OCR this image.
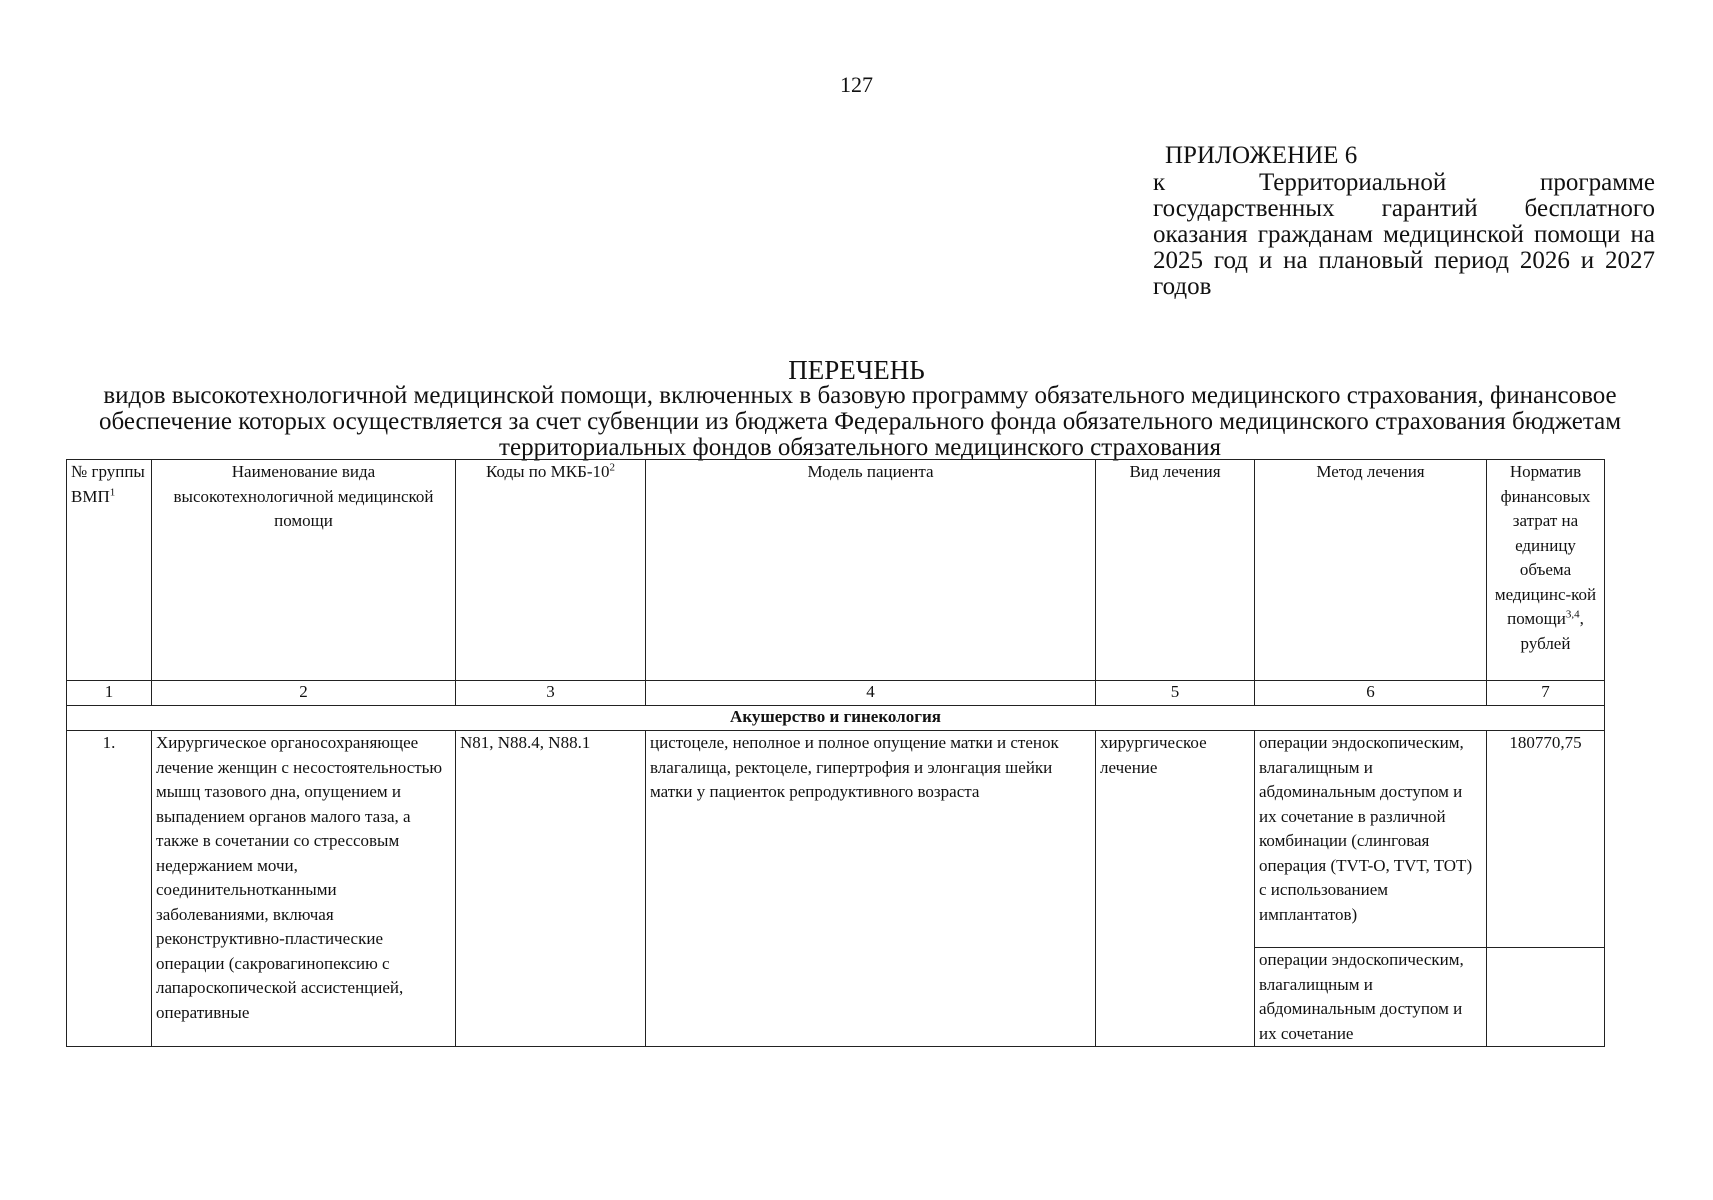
127
ПРИЛОЖЕНИЕ 6
к Территориальной программе государственных гарантий бесплатного оказания гражданам медицинской помощи на 2025 год и на плановый период 2026 и 2027 годов
ПЕРЕЧЕНЬ
видов высокотехнологичной медицинской помощи, включенных в базовую программу обязательного медицинского страхования, финансовое обеспечение которых осуществляется за счет субвенции из бюджета Федерального фонда обязательного медицинского страхования бюджетам территориальных фондов обязательного медицинского страхования
№ группы ВМП$^1$	Наименование вида высокотехнологичной медицинской помощи	Коды по МКБ-$10^2$	Модель пациента	Вид лечения	Метод лечения	Норматив финансовых затрат на единицу объема медицинс-кой помощи$^{3,4}$, рублей
1	2	3	4	5	6	7
Акушерство и гинекология						
1.	Хирургическое органосохраняющее лечение женщин с несостоятельностью мышц тазового дна, опущением и выпадением органов малого таза, а также в сочетании со стрессовым недержанием мочи, соединительнотканными заболеваниями, включая реконструктивно-пластические операции (сакровагинопексию с лапароскопической ассистенцией, оперативные	N81, N88.4, N88.1	цистоцеле, неполное и полное опущение матки и стенок влагалища, ректоцеле, гипертрофия и элонгация шейки матки у пациенток репродуктивного возраста	хирургическое лечение	операции эндоскопическим, влагалищным и абдоминальным доступом и их сочетание в различной комбинации (слинговая операция (TVT-O, TVT, TOT) с использованием имплантатов)	180770,75
					операции эндоскопическим, влагалищным и абдоминальным доступом и их сочетание	
